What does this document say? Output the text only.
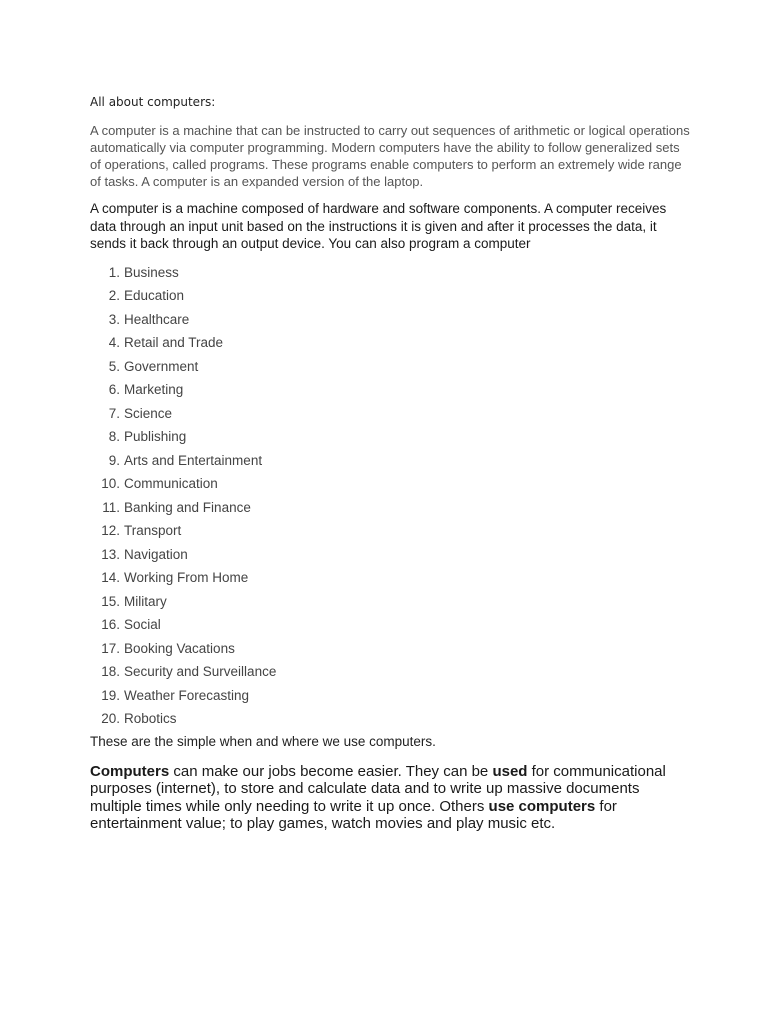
All about computers:

A computer is a machine that can be instructed to carry out sequences of arithmetic or logical operations automatically via computer programming. Modern computers have the ability to follow generalized sets of operations, called programs. These programs enable computers to perform an extremely wide range of tasks. A computer is an expanded version of the laptop.

A computer is a machine composed of hardware and software components. A computer receives data through an input unit based on the instructions it is given and after it processes the data, it sends it back through an output device. You can also program a computer

1. Business
2. Education
3. Healthcare
4. Retail and Trade
5. Government
6. Marketing
7. Science
8. Publishing
9. Arts and Entertainment
10. Communication
11. Banking and Finance
12. Transport
13. Navigation
14. Working From Home
15. Military
16. Social
17. Booking Vacations
18. Security and Surveillance
19. Weather Forecasting
20. Robotics

These are the simple when and where we use computers.

Computers can make our jobs become easier. They can be used for communicational purposes (internet), to store and calculate data and to write up massive documents multiple times while only needing to write it up once. Others use computers for entertainment value; to play games, watch movies and play music etc.
